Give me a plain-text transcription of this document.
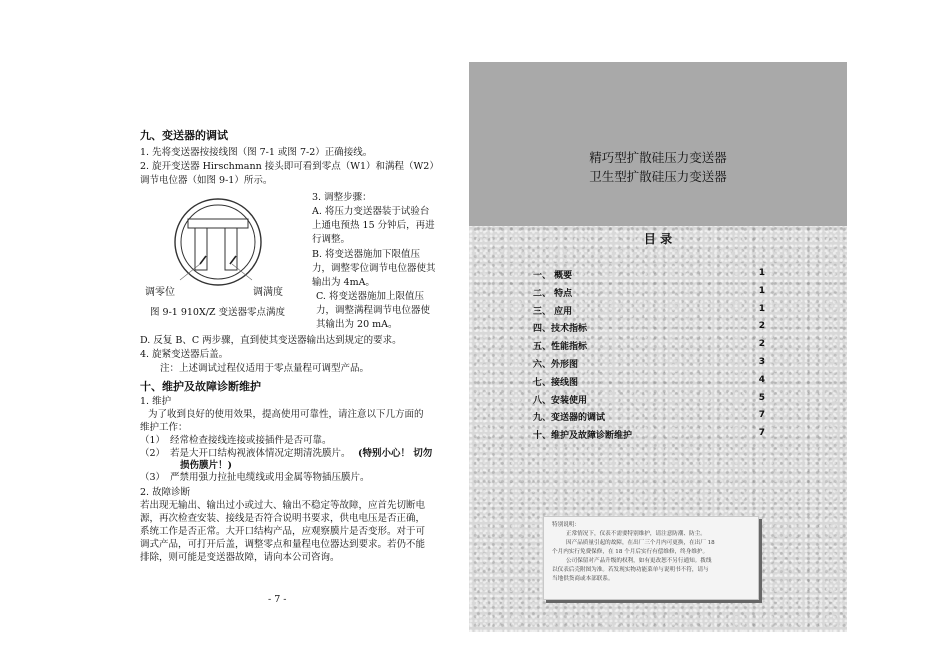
九、变送器的调试
1. 先将变送器按接线图（图 7-1 或图 7-2）正确接线。
2. 旋开变送器 Hirschmann 接头即可看到零点（W1）和满程（W2）
调节电位器（如图 9-1）所示。
调零位	调满度
图 9-1 910X/Z 变送器零点满度
3. 调整步骤：
A. 将压力变送器装于试验台
上通电预热 15 分钟后，再进
行调整。
B. 将变送器施加下限值压
力，调整零位调节电位器使其
输出为 4mA。
C. 将变送器施加上限值压
力，调整满程调节电位器使
其输出为 20 mA。
D. 反复 B、C 两步骤，直到使其变送器输出达到规定的要求。
4. 旋紧变送器后盖。
注：上述调试过程仪适用于零点量程可调型产品。
十、维护及故障诊断维护
1. 维护
为了收到良好的使用效果，提高使用可靠性，请注意以下几方面的
维护工作：
（1） 经常检查接线连接或接插件是否可靠。
（2） 若是大开口结构视液体情况定期清洗膜片。 (特别小心！ 切勿
损伤膜片！)
（3） 严禁用强力拉扯电缆线或用金属等物插压膜片。
2. 故障诊断
若出现无输出、输出过小或过大、输出不稳定等故障，应首先切断电
源，再次检查安装、接线是否符合说明书要求，供电电压是否正确，
系统工作是否正常。大开口结构产品，应观察膜片是否变形。对于可
调式产品，可打开后盖，调整零点和量程电位器达到要求。若仍不能
排除，则可能是变送器故障，请向本公司咨询。
- 7 -
精巧型扩散硅压力变送器
卫生型扩散硅压力变送器
目 录
一、 概要	1
二、 特点	1
三、 应用	1
四、技术指标	2
五、性能指标	2
六、外形图	3
七、接线图	4
八、安装使用	5
九、变送器的调试	7
十、维护及故障诊断维护	7
特别说明：
正常情况下，仪表不需要特别维护，请注意防潮、防尘。
因产品质量引起的故障，在出厂三个月内可更换，在出厂 18
个月内实行免费保修，在 18 个月后实行有偿维修，终身维护。
公司保留对产品升级的权利，如有更改恕不另行通知。拨线
以仪表后壳附图为准。若发现实物功能菜单与说明书不符，请与
当地供货商或本部联系。
